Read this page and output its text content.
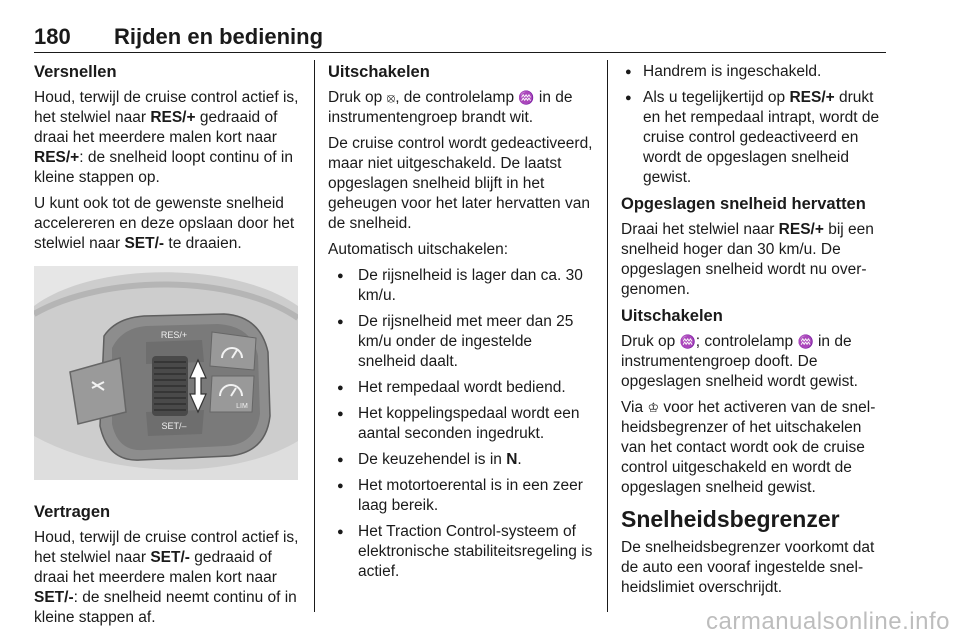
180 Rijden en bediening
Versnellen

Houd, terwijl de cruise control actief is, het stelwiel naar RES/+ gedraaid of draai het meerdere malen kort naar RES/+: de snelheid loopt continu of in kleine stappen op.

U kunt ook tot de gewenste snelheid accelereren en deze opslaan door het stelwiel naar SET/- te draaien.

RES/+
SET/–
LIM
Vertragen

Houd, terwijl de cruise control actief is, het stelwiel naar SET/- gedraaid of draai het meerdere malen kort naar SET/-: de snelheid neemt continu of in kleine stappen af.

Uitschakelen

Druk op ⦻, de controlelamp ♒ in de instrumentengroep brandt wit.

De cruise control wordt gedeactiveerd, maar niet uitgeschakeld. De laatst opgeslagen snelheid blijft in het geheugen voor het later hervatten van de snelheid.

Automatisch uitschakelen:

● De rijsnelheid is lager dan ca. 30 km/u.
● De rijsnelheid met meer dan 25 km/u onder de ingestelde snelheid daalt.
● Het rempedaal wordt bediend.
● Het koppelingspedaal wordt een aantal seconden ingedrukt.
● De keuzehendel is in N.
● Het motortoerental is in een zeer laag bereik.
● Het Traction Control-systeem of elektronische stabiliteitsregeling is actief.
● Handrem is ingeschakeld.
● Als u tegelijkertijd op RES/+ drukt en het rempedaal intrapt, wordt de cruise control gedeactiveerd en wordt de opgeslagen snelheid gewist.
Opgeslagen snelheid hervatten

Draai het stelwiel naar RES/+ bij een snelheid hoger dan 30 km/u. De opgeslagen snelheid wordt nu overgenomen.

Uitschakelen

Druk op ♒; controlelamp ♒ in de instrumentengroep dooft. De opgeslagen snelheid wordt gewist.

Via ♔ voor het activeren van de snelheidsbegrenzer of het uitschakelen van het contact wordt ook de cruise control uitgeschakeld en wordt de opgeslagen snelheid gewist.

Snelheidsbegrenzer

De snelheidsbegrenzer voorkomt dat de auto een vooraf ingestelde snelheidslimiet overschrijdt.

carmanualsonline.info
